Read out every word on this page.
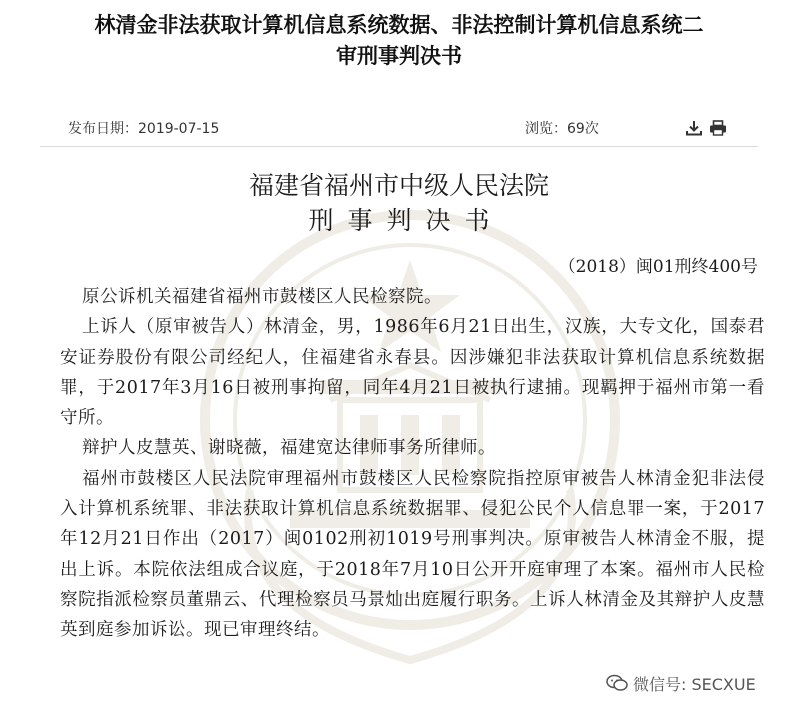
林清金非法获取计算机信息系统数据、非法控制计算机信息系统二
审刑事判决书
发布日期：2019-07-15	浏览：69次
福建省福州市中级人民法院
刑事判决书
（2018）闽01刑终400号

原公诉机关福建省福州市鼓楼区人民检察院。

上诉人（原审被告人）林清金，男，1986年6月21日出生，汉族，大专文化，国泰君安证券股份有限公司经纪人，住福建省永春县。因涉嫌犯非法获取计算机信息系统数据罪，于2017年3月16日被刑事拘留，同年4月21日被执行逮捕。现羁押于福州市第一看守所。

辩护人皮慧英、谢晓薇，福建宽达律师事务所律师。

福州市鼓楼区人民法院审理福州市鼓楼区人民检察院指控原审被告人林清金犯非法侵入计算机系统罪、非法获取计算机信息系统数据罪、侵犯公民个人信息罪一案，于2017年12月21日作出（2017）闽0102刑初1019号刑事判决。原审被告人林清金不服，提出上诉。本院依法组成合议庭，于2018年7月10日公开开庭审理了本案。福州市人民检察院指派检察员董鼎云、代理检察员马景灿出庭履行职务。上诉人林清金及其辩护人皮慧英到庭参加诉讼。现已审理终结。

微信号: SECXUE
